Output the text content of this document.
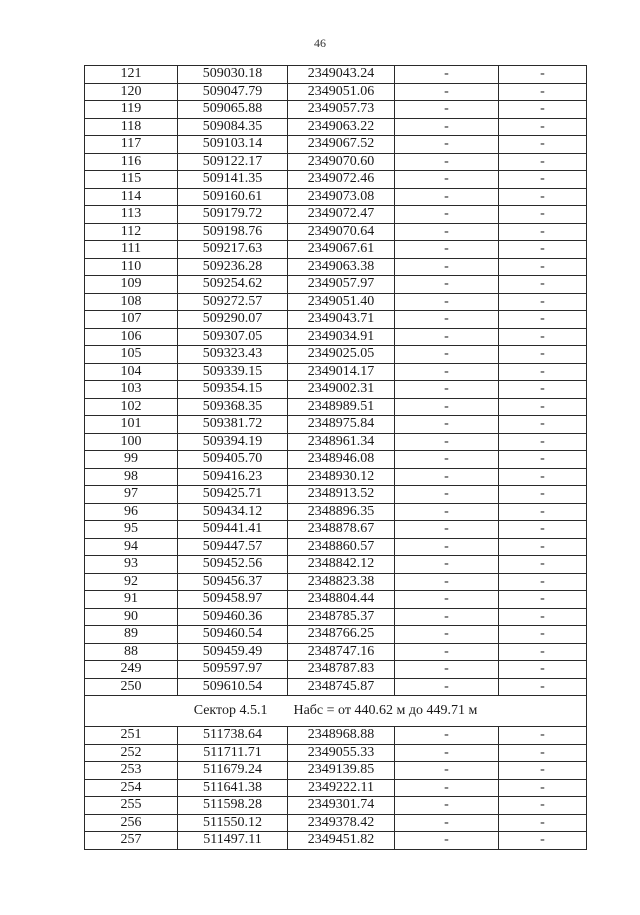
46
121	509030.18	2349043.24	-	-
120	509047.79	2349051.06	-	-
119	509065.88	2349057.73	-	-
118	509084.35	2349063.22	-	-
117	509103.14	2349067.52	-	-
116	509122.17	2349070.60	-	-
115	509141.35	2349072.46	-	-
114	509160.61	2349073.08	-	-
113	509179.72	2349072.47	-	-
112	509198.76	2349070.64	-	-
111	509217.63	2349067.61	-	-
110	509236.28	2349063.38	-	-
109	509254.62	2349057.97	-	-
108	509272.57	2349051.40	-	-
107	509290.07	2349043.71	-	-
106	509307.05	2349034.91	-	-
105	509323.43	2349025.05	-	-
104	509339.15	2349014.17	-	-
103	509354.15	2349002.31	-	-
102	509368.35	2348989.51	-	-
101	509381.72	2348975.84	-	-
100	509394.19	2348961.34	-	-
99	509405.70	2348946.08	-	-
98	509416.23	2348930.12	-	-
97	509425.71	2348913.52	-	-
96	509434.12	2348896.35	-	-
95	509441.41	2348878.67	-	-
94	509447.57	2348860.57	-	-
93	509452.56	2348842.12	-	-
92	509456.37	2348823.38	-	-
91	509458.97	2348804.44	-	-
90	509460.36	2348785.37	-	-
89	509460.54	2348766.25	-	-
88	509459.49	2348747.16	-	-
249	509597.97	2348787.83	-	-
250	509610.54	2348745.87	-	-

Сектор 4.5.1 Набс = от 440.62 м до 449.71 м				

251	511738.64	2348968.88	-	-
252	511711.71	2349055.33	-	-
253	511679.24	2349139.85	-	-
254	511641.38	2349222.11	-	-
255	511598.28	2349301.74	-	-
256	511550.12	2349378.42	-	-
257	511497.11	2349451.82	-	-
